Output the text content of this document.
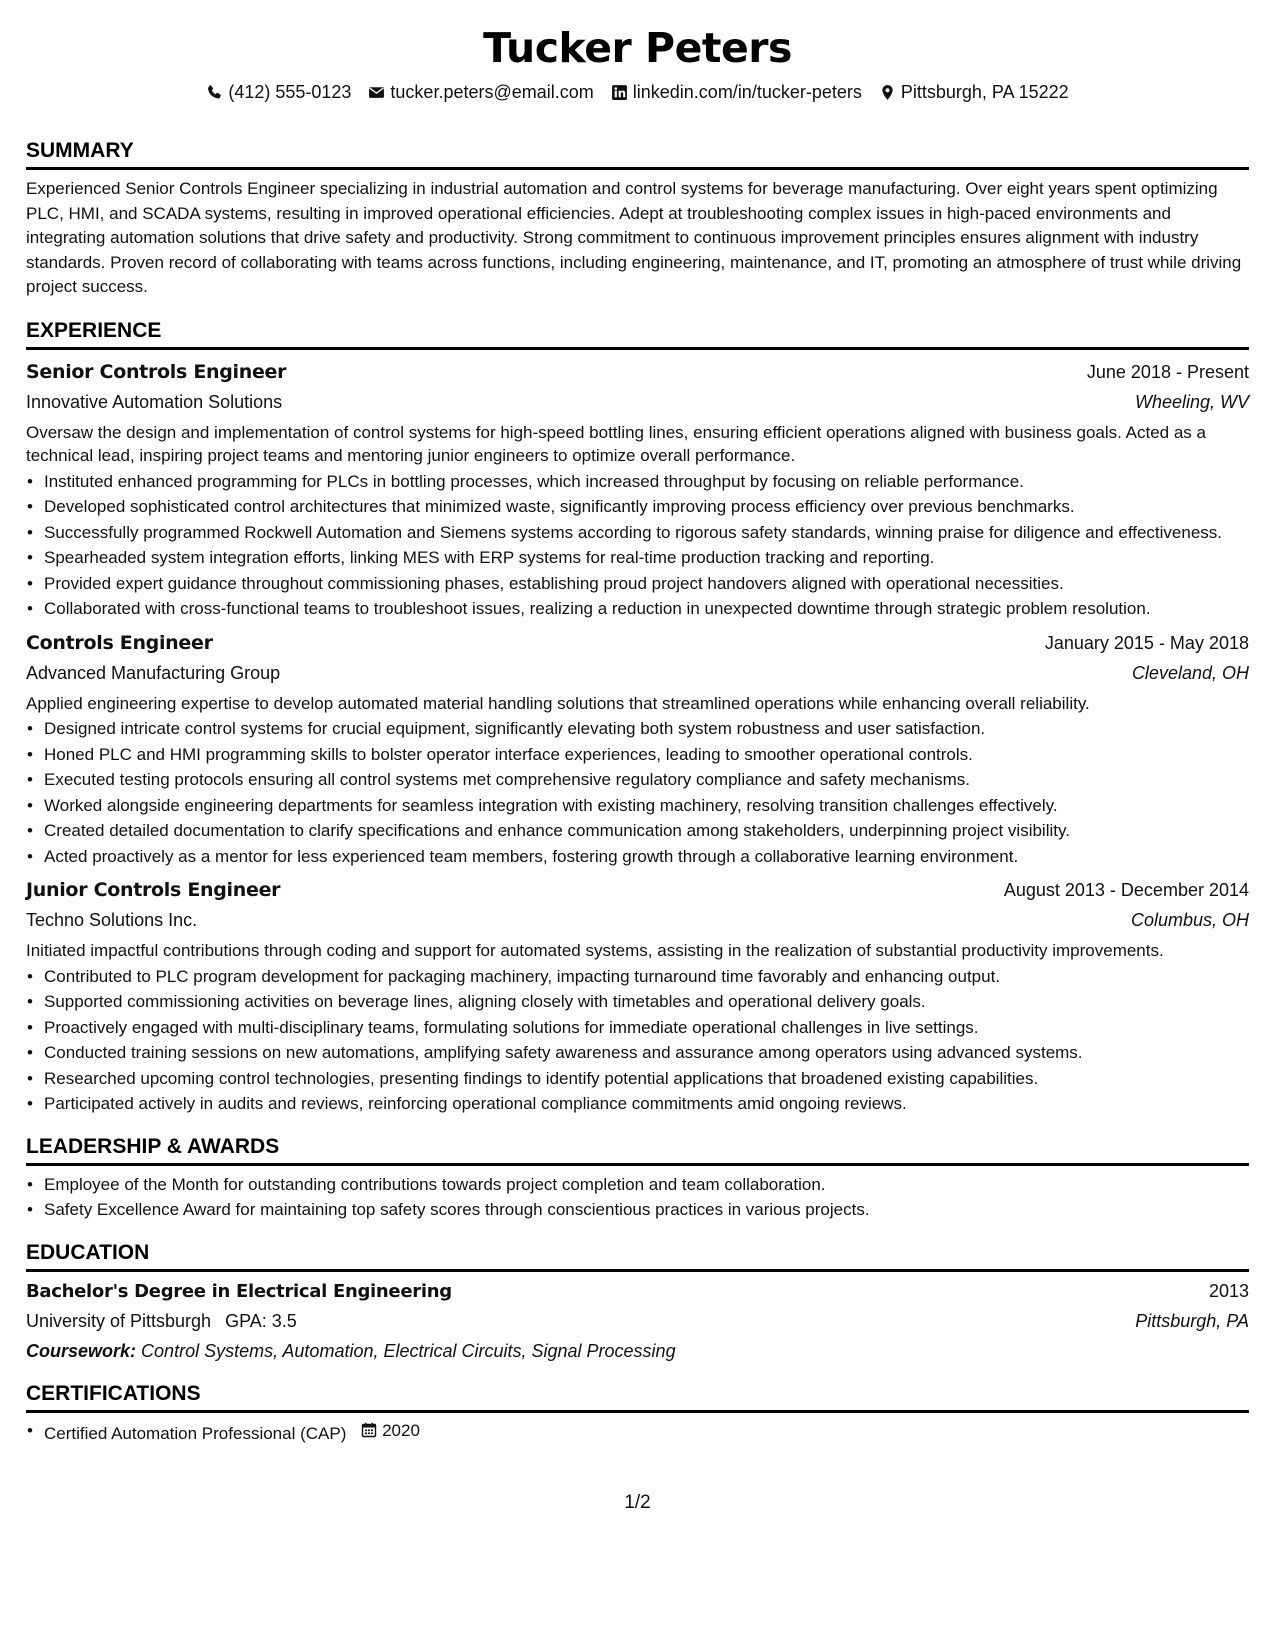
Tucker Peters
(412) 555-0123 tucker.peters@email.com linkedin.com/in/tucker-peters Pittsburgh, PA 15222
SUMMARY
Experienced Senior Controls Engineer specializing in industrial automation and control systems for beverage manufacturing. Over eight years spent optimizing PLC, HMI, and SCADA systems, resulting in improved operational efficiencies. Adept at troubleshooting complex issues in high-paced environments and integrating automation solutions that drive safety and productivity. Strong commitment to continuous improvement principles ensures alignment with industry standards. Proven record of collaborating with teams across functions, including engineering, maintenance, and IT, promoting an atmosphere of trust while driving project success.
EXPERIENCE
Senior Controls Engineer	June 2018 - Present
Innovative Automation Solutions	Wheeling, WV
Oversaw the design and implementation of control systems for high-speed bottling lines, ensuring efficient operations aligned with business goals. Acted as a technical lead, inspiring project teams and mentoring junior engineers to optimize overall performance.
• Instituted enhanced programming for PLCs in bottling processes, which increased throughput by focusing on reliable performance.
• Developed sophisticated control architectures that minimized waste, significantly improving process efficiency over previous benchmarks.
• Successfully programmed Rockwell Automation and Siemens systems according to rigorous safety standards, winning praise for diligence and effectiveness.
• Spearheaded system integration efforts, linking MES with ERP systems for real-time production tracking and reporting.
• Provided expert guidance throughout commissioning phases, establishing proud project handovers aligned with operational necessities.
• Collaborated with cross-functional teams to troubleshoot issues, realizing a reduction in unexpected downtime through strategic problem resolution.
Controls Engineer	January 2015 - May 2018
Advanced Manufacturing Group	Cleveland, OH
Applied engineering expertise to develop automated material handling solutions that streamlined operations while enhancing overall reliability.
• Designed intricate control systems for crucial equipment, significantly elevating both system robustness and user satisfaction.
• Honed PLC and HMI programming skills to bolster operator interface experiences, leading to smoother operational controls.
• Executed testing protocols ensuring all control systems met comprehensive regulatory compliance and safety mechanisms.
• Worked alongside engineering departments for seamless integration with existing machinery, resolving transition challenges effectively.
• Created detailed documentation to clarify specifications and enhance communication among stakeholders, underpinning project visibility.
• Acted proactively as a mentor for less experienced team members, fostering growth through a collaborative learning environment.
Junior Controls Engineer	August 2013 - December 2014
Techno Solutions Inc.	Columbus, OH
Initiated impactful contributions through coding and support for automated systems, assisting in the realization of substantial productivity improvements.
• Contributed to PLC program development for packaging machinery, impacting turnaround time favorably and enhancing output.
• Supported commissioning activities on beverage lines, aligning closely with timetables and operational delivery goals.
• Proactively engaged with multi-disciplinary teams, formulating solutions for immediate operational challenges in live settings.
• Conducted training sessions on new automations, amplifying safety awareness and assurance among operators using advanced systems.
• Researched upcoming control technologies, presenting findings to identify potential applications that broadened existing capabilities.
• Participated actively in audits and reviews, reinforcing operational compliance commitments amid ongoing reviews.
LEADERSHIP & AWARDS
• Employee of the Month for outstanding contributions towards project completion and team collaboration.
• Safety Excellence Award for maintaining top safety scores through conscientious practices in various projects.
EDUCATION
Bachelor's Degree in Electrical Engineering	2013
University of Pittsburgh GPA: 3.5	Pittsburgh, PA
Coursework: Control Systems, Automation, Electrical Circuits, Signal Processing
CERTIFICATIONS
• Certified Automation Professional (CAP) 2020
1/2
